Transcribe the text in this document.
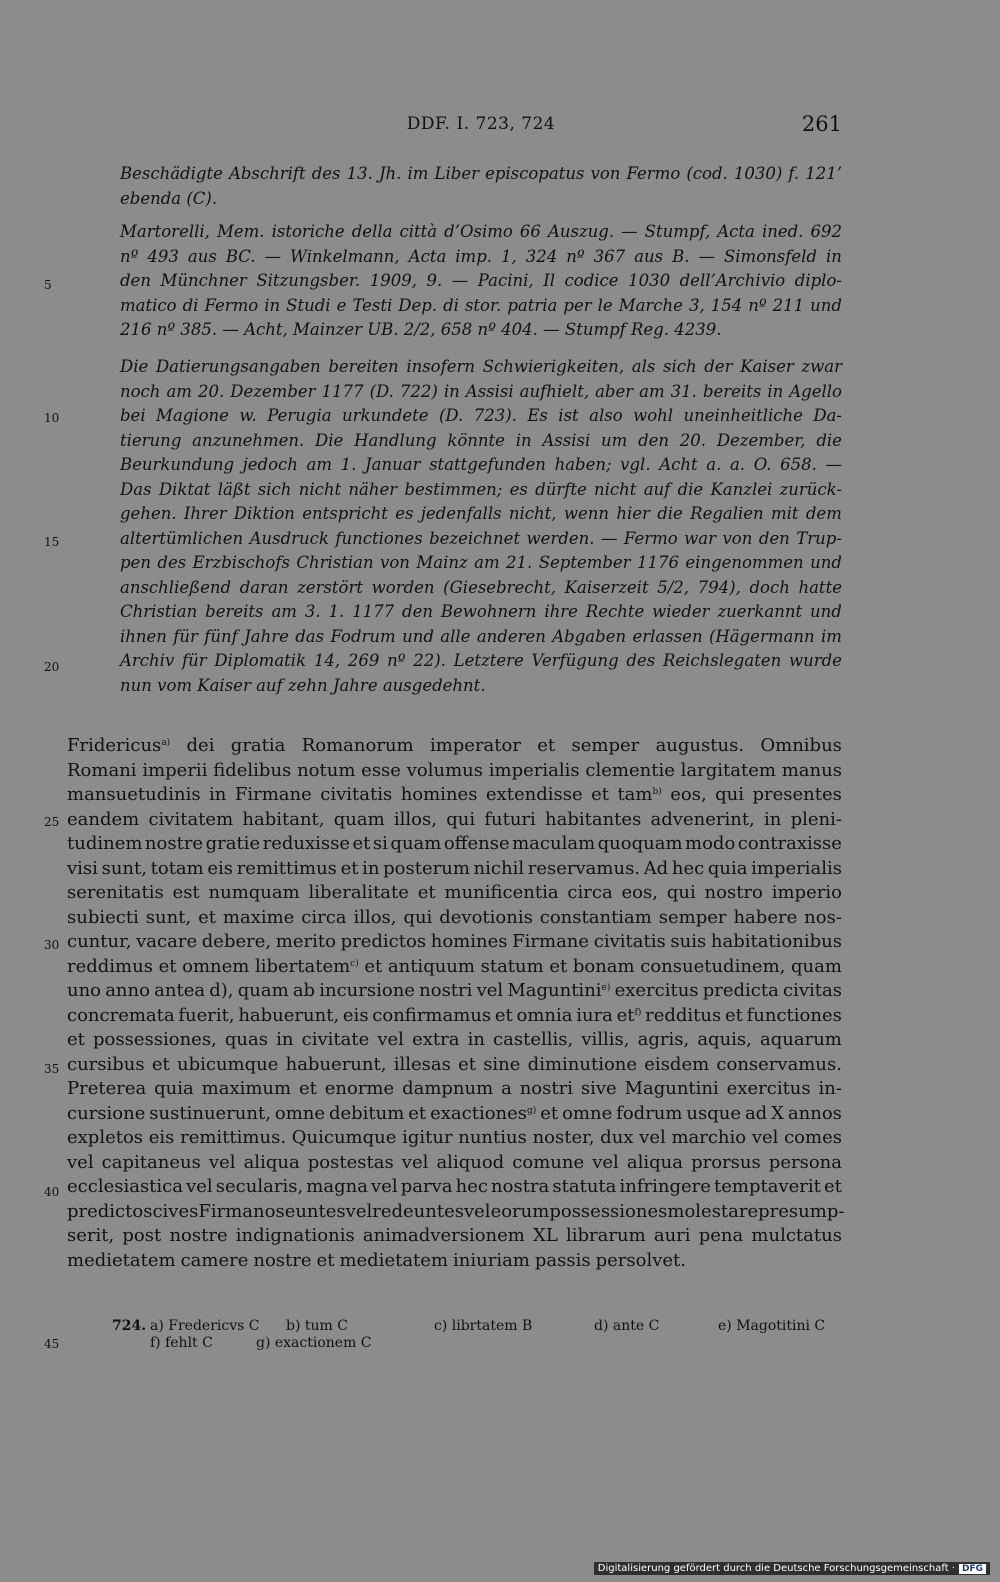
DDF. I. 723, 724	261
Beschädigte Abschrift des 13. Jh. im Liber episcopatus von Fermo (cod. 1030) f. 121’
ebenda (C).
Martorelli, Mem. istoriche della città d’Osimo 66 Auszug. — Stumpf, Acta ined. 692
nº 493 aus BC. — Winkelmann, Acta imp. 1, 324 nº 367 aus B. — Simonsfeld in
den Münchner Sitzungsber. 1909, 9. — Pacini, Il codice 1030 dell’Archivio diplo-
matico di Fermo in Studi e Testi Dep. di stor. patria per le Marche 3, 154 nº 211 und
216 nº 385. — Acht, Mainzer UB. 2/2, 658 nº 404. — Stumpf Reg. 4239.
Die Datierungsangaben bereiten insofern Schwierigkeiten, als sich der Kaiser zwar
noch am 20. Dezember 1177 (D. 722) in Assisi aufhielt, aber am 31. bereits in Agello
bei Magione w. Perugia urkundete (D. 723). Es ist also wohl uneinheitliche Da-
tierung anzunehmen. Die Handlung könnte in Assisi um den 20. Dezember, die
Beurkundung jedoch am 1. Januar stattgefunden haben; vgl. Acht a. a. O. 658. —
Das Diktat läßt sich nicht näher bestimmen; es dürfte nicht auf die Kanzlei zurück-
gehen. Ihrer Diktion entspricht es jedenfalls nicht, wenn hier die Regalien mit dem
altertümlichen Ausdruck functiones bezeichnet werden. — Fermo war von den Trup-
pen des Erzbischofs Christian von Mainz am 21. September 1176 eingenommen und
anschließend daran zerstört worden (Giesebrecht, Kaiserzeit 5/2, 794), doch hatte
Christian bereits am 3. 1. 1177 den Bewohnern ihre Rechte wieder zuerkannt und
ihnen für fünf Jahre das Fodrum und alle anderen Abgaben erlassen (Hägermann im
Archiv für Diplomatik 14, 269 nº 22). Letztere Verfügung des Reichslegaten wurde
nun vom Kaiser auf zehn Jahre ausgedehnt.
5
10
15
20
Fridericus$^{a)}$ dei gratia Romanorum imperator et semper augustus. Omnibus
Romani imperii fidelibus notum esse volumus imperialis clementie largitatem manus
mansuetudinis in Firmane civitatis homines extendisse et tam$^{b)}$ eos, qui presentes
eandem civitatem habitant, quam illos, qui futuri habitantes advenerint, in pleni-
tudinem nostre gratie reduxisse et si quam offense maculam quoquam modo contraxisse
visi sunt, totam eis remittimus et in posterum nichil reservamus. Ad hec quia imperialis
serenitatis est numquam liberalitate et munificentia circa eos, qui nostro imperio
subiecti sunt, et maxime circa illos, qui devotionis constantiam semper habere nos-
cuntur, vacare debere, merito predictos homines Firmane civitatis suis habitationibus
reddimus et omnem libertatem$^{c)}$ et antiquum statum et bonam consuetudinem, quam
uno anno antea d), quam ab incursione nostri vel Maguntini$^{e)}$ exercitus predicta civitas
concremata fuerit, habuerunt, eis confirmamus et omnia iura $et^{f)}$ redditus et functiones
et possessiones, quas in civitate vel extra in castellis, villis, agris, aquis, aquarum
cursibus et ubicumque habuerunt, illesas et sine diminutione eisdem conservamus.
Preterea quia maximum et enorme dampnum a nostri sive Maguntini exercitus in-
cursione sustinuerunt, omne debitum et exactiones$^{g)}$ et omne fodrum usque ad X annos
expletos eis remittimus. Quicumque igitur nuntius noster, dux vel marchio vel comes
vel capitaneus vel aliqua postestas vel aliquod comune vel aliqua prorsus persona
ecclesiastica vel secularis, magna vel parva hec nostra statuta infringere temptaverit et
predictos cives Firmanos euntes vel redeuntes vel eorum possessiones molestare presump-
serit, post nostre indignationis animadversionem XL librarum auri pena mulctatus
medietatem camere nostre et medietatem iniuriam passis persolvet.
25
30
35
40
724. a) Fredericvs C	b) tum C	c) librtatem B	d) ante C	e) Magotitini C
f) fehlt C	g) exactionem C
45
Digitalisierung gefördert durch die Deutsche Forschungsgemeinschaft · DFG
